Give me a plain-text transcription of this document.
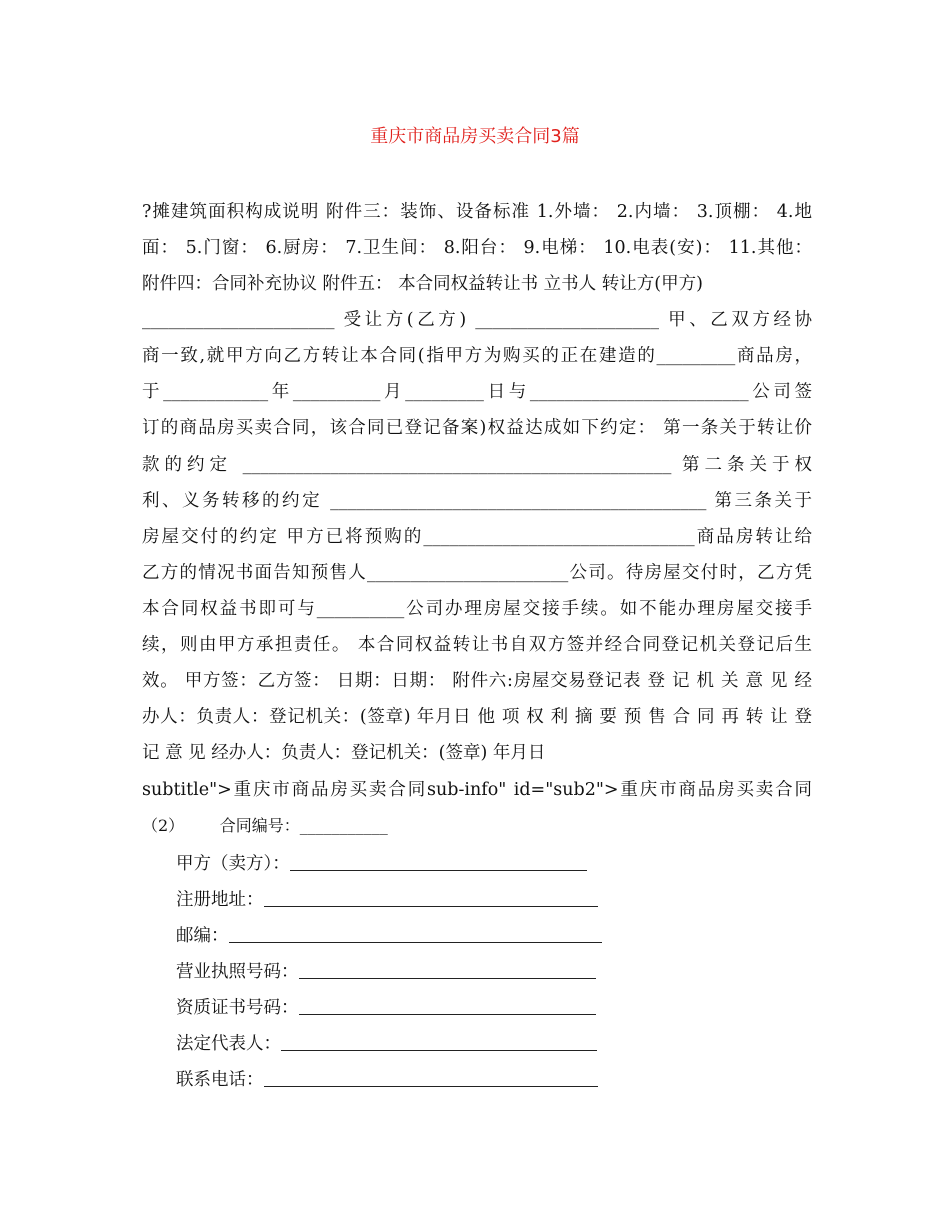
重庆市商品房买卖合同3篇
?摊建筑面积构成说明 附件三：装饰、设备标准 1.外墙： 2.内墙： 3.顶棚： 4.地
面： 5.门窗： 6.厨房： 7.卫生间： 8.阳台： 9.电梯： 10.电表(安)： 11.其他：
附件四：合同补充协议 附件五： 本合同权益转让书 立书人 转让方(甲方)
______________________ 受让方(乙方) _____________________ 甲、乙双方经协
商一致,就甲方向乙方转让本合同(指甲方为购买的正在建造的_________商品房，
于____________年__________月_________日与_________________________公司签
订的商品房买卖合同，该合同已登记备案)权益达成如下约定： 第一条关于转让价
款的约定 _________________________________________________ 第二条关于权
利、义务转移的约定 ___________________________________________ 第三条关于
房屋交付的约定 甲方已将预购的_______________________________商品房转让给
乙方的情况书面告知预售人_______________________公司。待房屋交付时，乙方凭
本合同权益书即可与__________公司办理房屋交接手续。如不能办理房屋交接手
续，则由甲方承担责任。 本合同权益转让书自双方签并经合同登记机关登记后生
效。 甲方签：乙方签： 日期：日期： 附件六:房屋交易登记表 登 记 机 关 意 见 经
办人：负责人：登记机关：(签章) 年月日 他 项 权 利 摘 要 预 售 合 同 再 转 让 登
记 意 见 经办人：负责人：登记机关：(签章) 年月日
subtitle">重庆市商品房买卖合同sub-info" id="sub2">重庆市商品房买卖合同
（2）       合同编号：___________
甲方（卖方）：
注册地址：
邮编：
营业执照号码：
资质证书号码：
法定代表人：
联系电话：
